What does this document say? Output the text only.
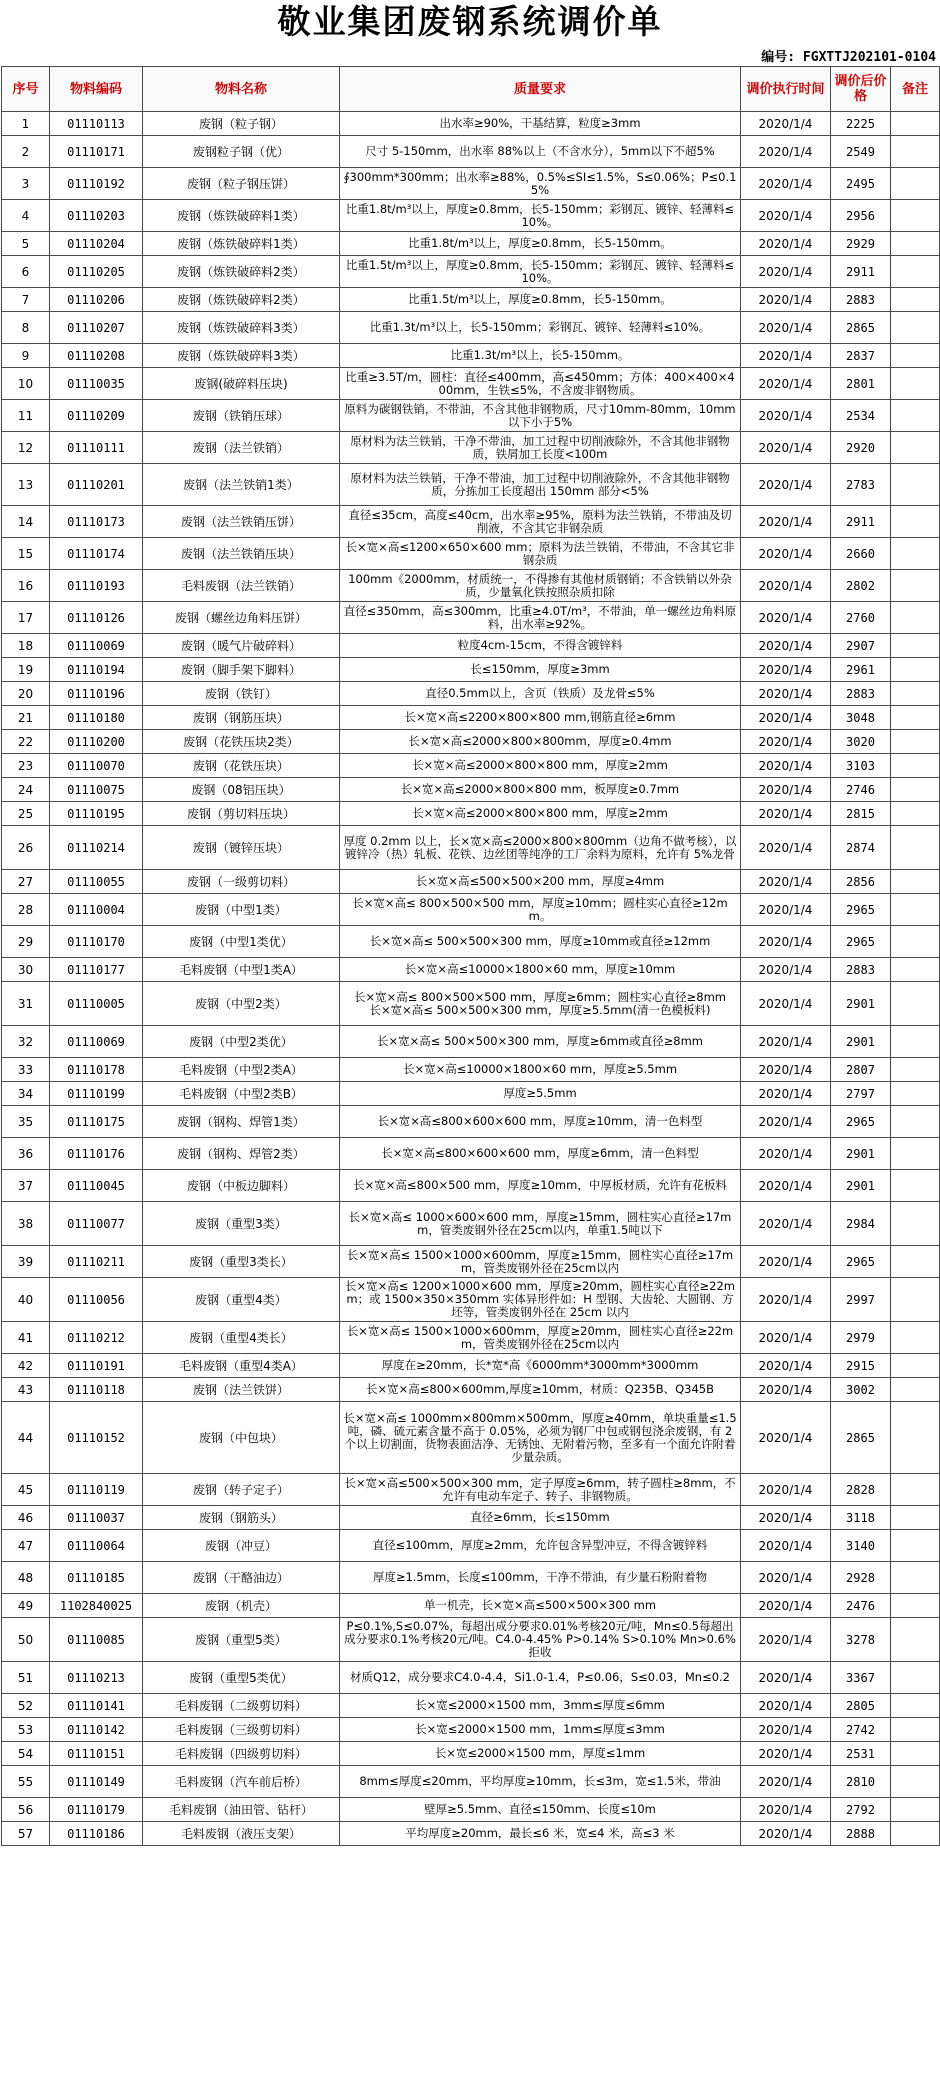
敬业集团废钢系统调价单
编号: FGXTTJ202101-0104
序号	物料编码	物料名称	质量要求	调价执行时间	调价后价格	备注
1	01110113	废钢（粒子钢）	出水率≥90%，干基结算，粒度≥3mm	2020/1/4	2225	
2	01110171	废钢粒子钢（优）	尺寸 5-150mm，出水率 88%以上（不含水分），5mm以下不超5%	2020/1/4	2549	
3	01110192	废钢（粒子钢压饼）	∮300mm*300mm；出水率≥88%，0.5%≤SI≤1.5%，S≤0.06%；P≤0.15%	2020/1/4	2495	
4	01110203	废钢（炼铁破碎料1类）	比重1.8t/m³以上，厚度≥0.8mm，长5-150mm；彩钢瓦、镀锌、轻薄料≤10%。	2020/1/4	2956	
5	01110204	废钢（炼铁破碎料1类）	比重1.8t/m³以上，厚度≥0.8mm，长5-150mm。	2020/1/4	2929	
6	01110205	废钢（炼铁破碎料2类）	比重1.5t/m³以上，厚度≥0.8mm，长5-150mm；彩钢瓦、镀锌、轻薄料≤10%。	2020/1/4	2911	
7	01110206	废钢（炼铁破碎料2类）	比重1.5t/m³以上，厚度≥0.8mm，长5-150mm。	2020/1/4	2883	
8	01110207	废钢（炼铁破碎料3类）	比重1.3t/m³以上，长5-150mm；彩钢瓦、镀锌、轻薄料≤10%。	2020/1/4	2865	
9	01110208	废钢（炼铁破碎料3类）	比重1.3t/m³以上，长5-150mm。	2020/1/4	2837	
10	01110035	废钢(破碎料压块)	比重≥3.5T/m，圆柱：直径≤400mm，高≤450mm；方体：400×400×400mm，生铁≤5%，不含废非钢物质。	2020/1/4	2801	
11	01110209	废钢（铁销压球）	原料为碳钢铁销，不带油，不含其他非钢物质，尺寸10mm-80mm，10mm以下小于5%	2020/1/4	2534	
12	01110111	废钢（法兰铁销）	原材料为法兰铁销，干净不带油，加工过程中切削液除外，不含其他非钢物质，铁屑加工长度<100m	2020/1/4	2920	
13	01110201	废钢（法兰铁销1类）	原材料为法兰铁销，干净不带油，加工过程中切削液除外，不含其他非钢物质，分拣加工长度超出 150mm 部分<5%	2020/1/4	2783	
14	01110173	废钢（法兰铁销压饼）	直径≤35cm，高度≤40cm，出水率≥95%，原料为法兰铁销，不带油及切削液，不含其它非钢杂质	2020/1/4	2911	
15	01110174	废钢（法兰铁销压块）	长×宽×高≤1200×650×600 mm；原料为法兰铁销，不带油，不含其它非钢杂质	2020/1/4	2660	
16	01110193	毛料废钢（法兰铁销）	100mm《2000mm，材质统一，不得掺有其他材质钢销；不含铁销以外杂质，少量氧化铁按照杂质扣除	2020/1/4	2802	
17	01110126	废钢（螺丝边角料压饼）	直径≤350mm，高≤300mm，比重≥4.0T/m³，不带油，单一螺丝边角料原料，出水率≥92%。	2020/1/4	2760	
18	01110069	废钢（暖气片破碎料）	粒度4cm-15cm，不得含镀锌料	2020/1/4	2907	
19	01110194	废钢（脚手架下脚料）	长≤150mm，厚度≥3mm	2020/1/4	2961	
20	01110196	废钢（铁钉）	直径0.5mm以上，含页（铁质）及龙骨≤5%	2020/1/4	2883	
21	01110180	废钢（钢筋压块）	长×宽×高≤2200×800×800 mm,钢筋直径≥6mm	2020/1/4	3048	
22	01110200	废钢（花铁压块2类）	长×宽×高≤2000×800×800mm，厚度≥0.4mm	2020/1/4	3020	
23	01110070	废钢（花铁压块）	长×宽×高≤2000×800×800 mm，厚度≥2mm	2020/1/4	3103	
24	01110075	废钢（08铝压块）	长×宽×高≤2000×800×800 mm，板厚度≥0.7mm	2020/1/4	2746	
25	01110195	废钢（剪切料压块）	长×宽×高≤2000×800×800 mm，厚度≥2mm	2020/1/4	2815	
26	01110214	废钢（镀锌压块）	厚度 0.2mm 以上，长×宽×高≤2000×800×800mm（边角不做考核），以镀锌冷（热）轧板、花铁、边丝团等纯净的工厂余料为原料，允许有 5%龙骨	2020/1/4	2874	
27	01110055	废钢（一级剪切料）	长×宽×高≤500×500×200 mm，厚度≥4mm	2020/1/4	2856	
28	01110004	废钢（中型1类）	长×宽×高≤ 800×500×500 mm，厚度≥10mm；圆柱实心直径≥12mm。	2020/1/4	2965	
29	01110170	废钢（中型1类优）	长×宽×高≤ 500×500×300 mm，厚度≥10mm或直径≥12mm	2020/1/4	2965	
30	01110177	毛料废钢（中型1类A）	长×宽×高≤10000×1800×60 mm，厚度≥10mm	2020/1/4	2883	
31	01110005	废钢（中型2类）	长×宽×高≤ 800×500×500 mm，厚度≥6mm；圆柱实心直径≥8mm　长×宽×高≤ 500×500×300 mm，厚度≥5.5mm(清一色模板料)	2020/1/4	2901	
32	01110069	废钢（中型2类优）	长×宽×高≤ 500×500×300 mm，厚度≥6mm或直径≥8mm	2020/1/4	2901	
33	01110178	毛料废钢（中型2类A）	长×宽×高≤10000×1800×60 mm，厚度≥5.5mm	2020/1/4	2807	
34	01110199	毛料废钢（中型2类B）	厚度≥5.5mm	2020/1/4	2797	
35	01110175	废钢（钢构、焊管1类）	长×宽×高≤800×600×600 mm，厚度≥10mm，清一色料型	2020/1/4	2965	
36	01110176	废钢（钢构、焊管2类）	长×宽×高≤800×600×600 mm，厚度≥6mm，清一色料型	2020/1/4	2901	
37	01110045	废钢（中板边脚料）	长×宽×高≤800×500 mm，厚度≥10mm，中厚板材质，允许有花板料	2020/1/4	2901	
38	01110077	废钢（重型3类）	长×宽×高≤ 1000×600×600 mm，厚度≥15mm，圆柱实心直径≥17mm，管类废钢外径在25cm以内，单重1.5吨以下	2020/1/4	2984	
39	01110211	废钢（重型3类长）	长×宽×高≤ 1500×1000×600mm，厚度≥15mm，圆柱实心直径≥17mm，管类废钢外径在25cm以内	2020/1/4	2965	
40	01110056	废钢（重型4类）	长×宽×高≤ 1200×1000×600 mm，厚度≥20mm，圆柱实心直径≥22mm；或 1500×350×350mm 实体异形件如：H 型钢、大齿轮、大圆钢、方坯等，管类废钢外径在 25cm 以内	2020/1/4	2997	
41	01110212	废钢（重型4类长）	长×宽×高≤ 1500×1000×600mm，厚度≥20mm，圆柱实心直径≥22mm，管类废钢外径在25cm以内	2020/1/4	2979	
42	01110191	毛料废钢（重型4类A）	厚度在≥20mm，长*宽*高《6000mm*3000mm*3000mm	2020/1/4	2915	
43	01110118	废钢（法兰铁饼）	长×宽×高≤800×600mm,厚度≥10mm，材质：Q235B、Q345B	2020/1/4	3002	
44	01110152	废钢（中包块）	长×宽×高≤ 1000mm×800mm×500mm，厚度≥40mm，单块重量≤1.5吨，磷、硫元素含量不高于 0.05%，必须为钢厂中包或钢包浇余废钢，有 2 个以上切割面，货物表面洁净、无锈蚀、无附着污物，至多有一个面允许附着少量杂质。	2020/1/4	2865	
45	01110119	废钢（转子定子）	长×宽×高≤500×500×300 mm，定子厚度≥6mm，转子圆柱≥8mm，不允许有电动车定子、转子、非钢物质。	2020/1/4	2828	
46	01110037	废钢（钢筋头）	直径≥6mm，长≤150mm	2020/1/4	3118	
47	01110064	废钢（冲豆）	直径≤100mm，厚度≥2mm，允许包含异型冲豆，不得含镀锌料	2020/1/4	3140	
48	01110185	废钢（干酪油边）	厚度≥1.5mm，长度≤100mm，干净不带油，有少量石粉附着物	2020/1/4	2928	
49	1102840025	废钢（机壳）	单一机壳，长×宽×高≤500×500×300 mm	2020/1/4	2476	
50	01110085	废钢（重型5类）	P≤0.1%,S≤0.07%，每超出成分要求0.01%考核20元/吨，Mn≤0.5每超出成分要求0.1%考核20元/吨。C4.0-4.45% P>0.14% S>0.10% Mn>0.6% 拒收	2020/1/4	3278	
51	01110213	废钢（重型5类优）	材质Q12，成分要求C4.0-4.4，Si1.0-1.4，P≤0.06，S≤0.03，Mn≤0.2	2020/1/4	3367	
52	01110141	毛料废钢（二级剪切料）	长×宽≤2000×1500 mm，3mm≤厚度≤6mm	2020/1/4	2805	
53	01110142	毛料废钢（三级剪切料）	长×宽≤2000×1500 mm，1mm≤厚度≤3mm	2020/1/4	2742	
54	01110151	毛料废钢（四级剪切料）	长×宽≤2000×1500 mm，厚度≤1mm	2020/1/4	2531	
55	01110149	毛料废钢（汽车前后桥）	8mm≤厚度≤20mm，平均厚度≥10mm，长≤3m，宽≤1.5米，带油	2020/1/4	2810	
56	01110179	毛料废钢（油田管、钻杆）	壁厚≥5.5mm、直径≤150mm、长度≤10m	2020/1/4	2792	
57	01110186	毛料废钢（液压支架）	平均厚度≥20mm，最长≤6 米，宽≤4 米，高≤3 米	2020/1/4	2888	
